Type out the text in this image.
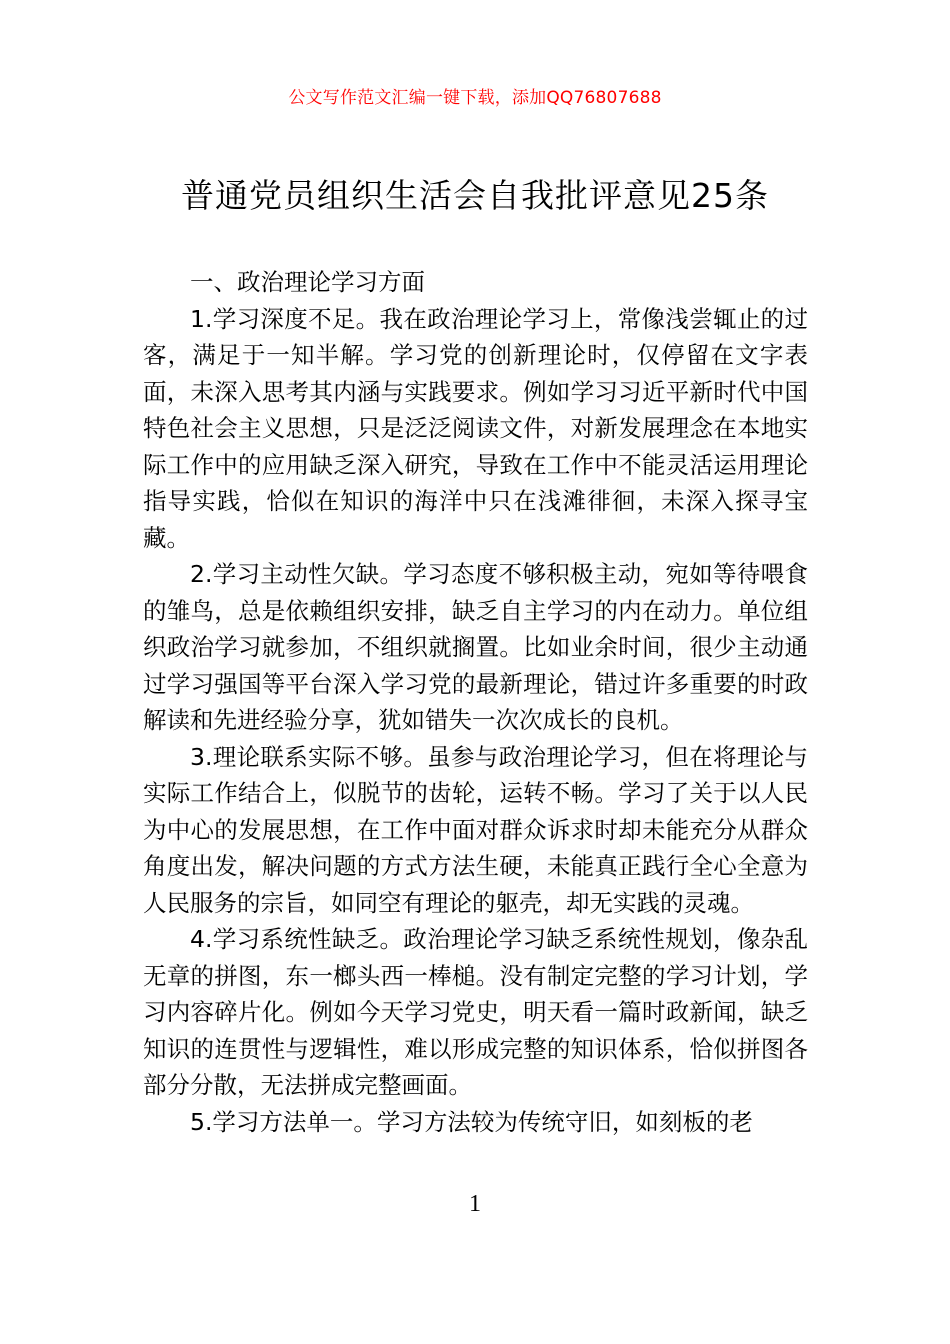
公文写作范文汇编一键下载，添加QQ76807688
普通党员组织生活会自我批评意见25条

一、政治理论学习方面

1.学习深度不足。我在政治理论学习上，常像浅尝辄止的过客，满足于一知半解。学习党的创新理论时，仅停留在文字表面，未深入思考其内涵与实践要求。例如学习习近平新时代中国特色社会主义思想，只是泛泛阅读文件，对新发展理念在本地实际工作中的应用缺乏深入研究，导致在工作中不能灵活运用理论指导实践，恰似在知识的海洋中只在浅滩徘徊，未深入探寻宝藏。

2.学习主动性欠缺。学习态度不够积极主动，宛如等待喂食的雏鸟，总是依赖组织安排，缺乏自主学习的内在动力。单位组织政治学习就参加，不组织就搁置。比如业余时间，很少主动通过学习强国等平台深入学习党的最新理论，错过许多重要的时政解读和先进经验分享，犹如错失一次次成长的良机。

3.理论联系实际不够。虽参与政治理论学习，但在将理论与实际工作结合上，似脱节的齿轮，运转不畅。学习了关于以人民为中心的发展思想，在工作中面对群众诉求时却未能充分从群众角度出发，解决问题的方式方法生硬，未能真正践行全心全意为人民服务的宗旨，如同空有理论的躯壳，却无实践的灵魂。

4.学习系统性缺乏。政治理论学习缺乏系统性规划，像杂乱无章的拼图，东一榔头西一棒槌。没有制定完整的学习计划，学习内容碎片化。例如今天学习党史，明天看一篇时政新闻，缺乏知识的连贯性与逻辑性，难以形成完整的知识体系，恰似拼图各部分分散，无法拼成完整画面。

5.学习方法单一。学习方法较为传统守旧，如刻板的老

1
